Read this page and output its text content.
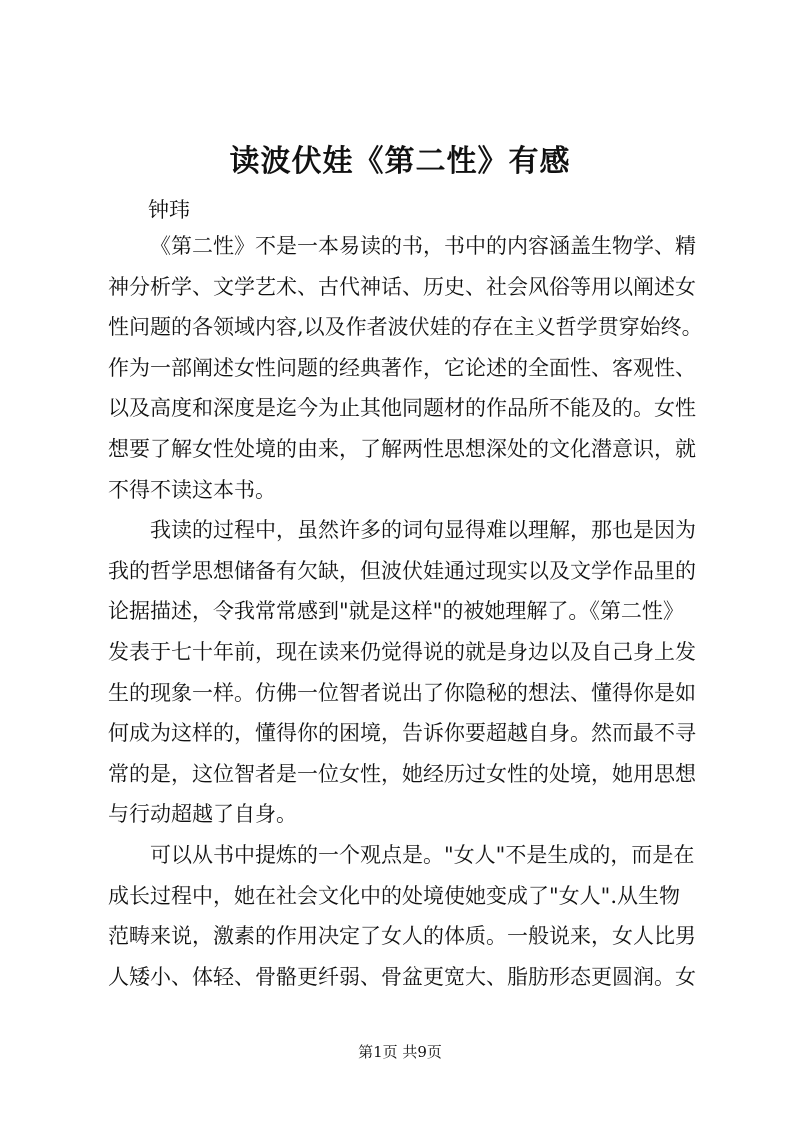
读波伏娃《第二性》有感
钟玮

《第二性》不是一本易读的书，书中的内容涵盖生物学、精
神分析学、文学艺术、古代神话、历史、社会风俗等用以阐述女
性问题的各领域内容,以及作者波伏娃的存在主义哲学贯穿始终。
作为一部阐述女性问题的经典著作，它论述的全面性、客观性、
以及高度和深度是迄今为止其他同题材的作品所不能及的。女性
想要了解女性处境的由来，了解两性思想深处的文化潜意识，就
不得不读这本书。

我读的过程中，虽然许多的词句显得难以理解，那也是因为
我的哲学思想储备有欠缺，但波伏娃通过现实以及文学作品里的
论据描述，令我常常感到"就是这样"的被她理解了。《第二性》
发表于七十年前，现在读来仍觉得说的就是身边以及自己身上发
生的现象一样。仿佛一位智者说出了你隐秘的想法、懂得你是如
何成为这样的，懂得你的困境，告诉你要超越自身。然而最不寻
常的是，这位智者是一位女性，她经历过女性的处境，她用思想
与行动超越了自身。

可以从书中提炼的一个观点是。"女人"不是生成的，而是在
成长过程中，她在社会文化中的处境使她变成了"女人".从生物
范畴来说，激素的作用决定了女人的体质。一般说来，女人比男
人矮小、体轻、骨骼更纤弱、骨盆更宽大、脂肪形态更圆润。女

第1页 共9页
